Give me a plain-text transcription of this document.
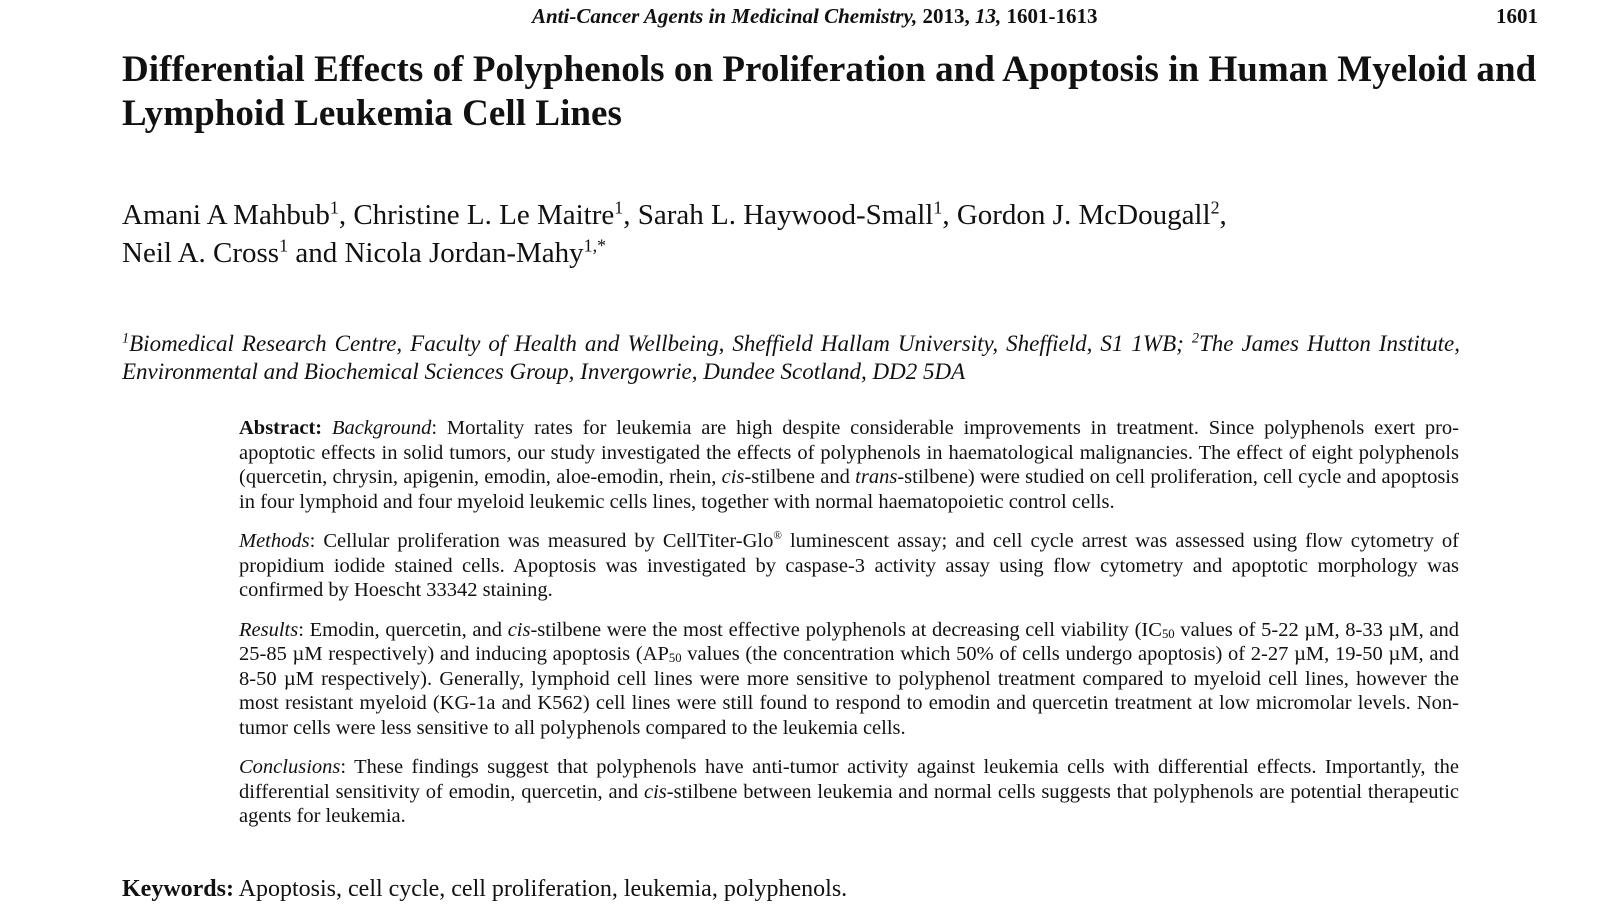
Anti-Cancer Agents in Medicinal Chemistry, 2013, 13, 1601-1613	1601
Differential Effects of Polyphenols on Proliferation and Apoptosis in Human Myeloid and Lymphoid Leukemia Cell Lines
Amani A Mahbub$^1$, Christine L. Le Maitre$^1$, Sarah L. Haywood-Small$^1$, Gordon J. McDougall$^2$,
Neil A. Cross$^1$ and Nicola Jordan-Mahy$^{1,*}$
$^1$Biomedical Research Centre, Faculty of Health and Wellbeing, Sheffield Hallam University, Sheffield, S1 1WB; $^2$The James Hutton Institute, Environmental and Biochemical Sciences Group, Invergowrie, Dundee Scotland, DD2 5DA

Abstract: Background: Mortality rates for leukemia are high despite considerable improvements in treatment. Since polyphenols exert pro-apoptotic effects in solid tumors, our study investigated the effects of polyphenols in haematological malignancies. The effect of eight polyphenols (quercetin, chrysin, apigenin, emodin, aloe-emodin, rhein, cis-stilbene and trans-stilbene) were studied on cell proliferation, cell cycle and apoptosis in four lymphoid and four myeloid leukemic cells lines, together with normal haematopoietic control cells.

Methods: Cellular proliferation was measured by CellTiter-Glo® luminescent assay; and cell cycle arrest was assessed using flow cytometry of propidium iodide stained cells. Apoptosis was investigated by caspase-3 activity assay using flow cytometry and apoptotic morphology was confirmed by Hoescht 33342 staining.

Results: Emodin, quercetin, and cis-stilbene were the most effective polyphenols at decreasing cell viability ($IC_{50}$ values of 5-22 µM, 8-33 µM, and 25-85 µM respectively) and inducing apoptosis ($AP_{50}$ values (the concentration which 50% of cells undergo apoptosis) of 2-27 µM, 19-50 µM, and 8-50 µM respectively). Generally, lymphoid cell lines were more sensitive to polyphenol treatment compared to myeloid cell lines, however the most resistant myeloid (KG-1a and K562) cell lines were still found to respond to emodin and quercetin treatment at low micromolar levels. Non-tumor cells were less sensitive to all polyphenols compared to the leukemia cells.

Conclusions: These findings suggest that polyphenols have anti-tumor activity against leukemia cells with differential effects. Importantly, the differential sensitivity of emodin, quercetin, and cis-stilbene between leukemia and normal cells suggests that polyphenols are potential therapeutic agents for leukemia.

Keywords: Apoptosis, cell cycle, cell proliferation, leukemia, polyphenols.
